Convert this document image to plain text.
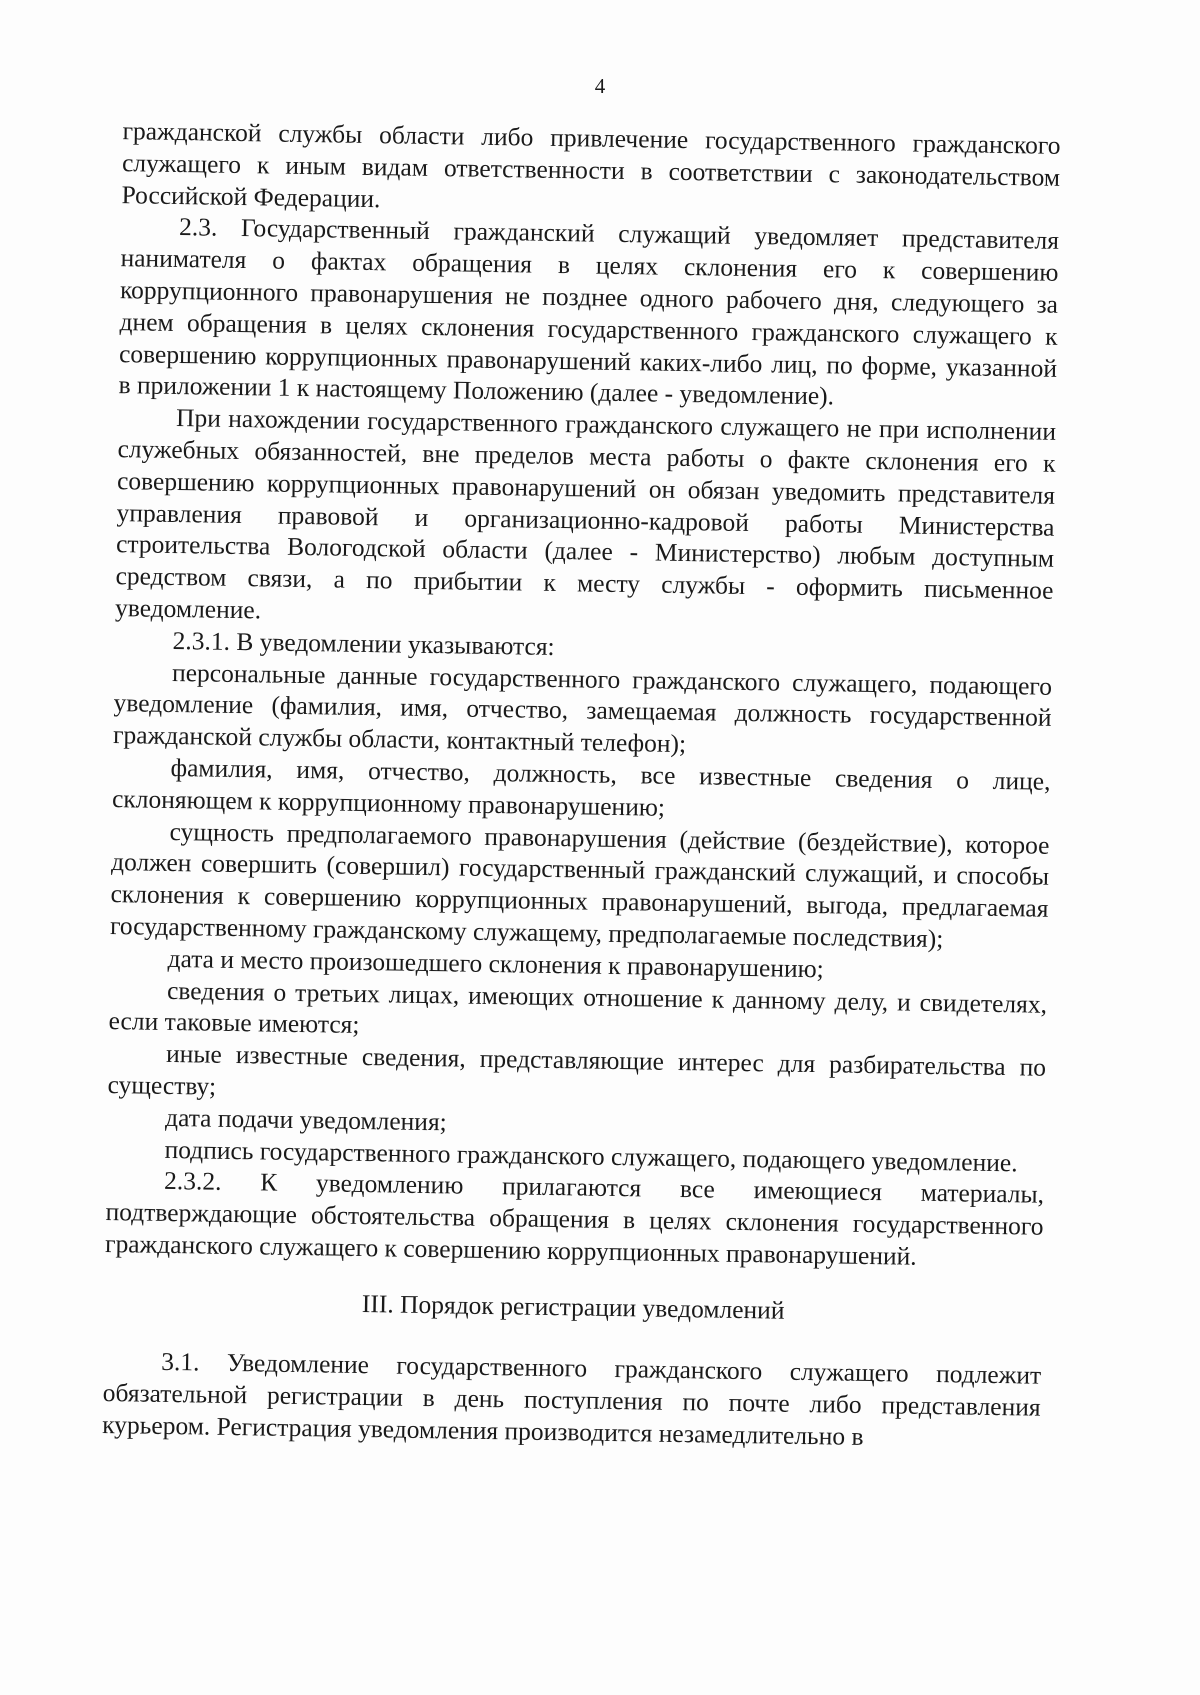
4

гражданской службы области либо привлечение государственного гражданского служащего к иным видам ответственности в соответствии с законодательством Российской Федерации.

2.3. Государственный гражданский служащий уведомляет представителя нанимателя о фактах обращения в целях склонения его к совершению коррупционного правонарушения не позднее одного рабочего дня, следующего за днем обращения в целях склонения государственного гражданского служащего к совершению коррупционных правонарушений каких-либо лиц, по форме, указанной в приложении 1 к настоящему Положению (далее - уведомление).

При нахождении государственного гражданского служащего не при исполнении служебных обязанностей, вне пределов места работы о факте склонения его к совершению коррупционных правонарушений он обязан уведомить представителя управления правовой и организационно-кадровой работы Министерства строительства Вологодской области (далее - Министерство) любым доступным средством связи, а по прибытии к месту службы - оформить письменное уведомление.

2.3.1. В уведомлении указываются:

персональные данные государственного гражданского служащего, подающего уведомление (фамилия, имя, отчество, замещаемая должность государственной гражданской службы области, контактный телефон);

фамилия, имя, отчество, должность, все известные сведения о лице, склоняющем к коррупционному правонарушению;

сущность предполагаемого правонарушения (действие (бездействие), которое должен совершить (совершил) государственный гражданский служащий, и способы склонения к совершению коррупционных правонарушений, выгода, предлагаемая государственному гражданскому служащему, предполагаемые последствия);

дата и место произошедшего склонения к правонарушению;

сведения о третьих лицах, имеющих отношение к данному делу, и свидетелях, если таковые имеются;

иные известные сведения, представляющие интерес для разбирательства по существу;

дата подачи уведомления;

подпись государственного гражданского служащего, подающего уведомление.

2.3.2. К уведомлению прилагаются все имеющиеся материалы, подтверждающие обстоятельства обращения в целях склонения государственного гражданского служащего к совершению коррупционных правонарушений.

III. Порядок регистрации уведомлений

3.1. Уведомление государственного гражданского служащего подлежит обязательной регистрации в день поступления по почте либо представления курьером. Регистрация уведомления производится незамедлительно в
